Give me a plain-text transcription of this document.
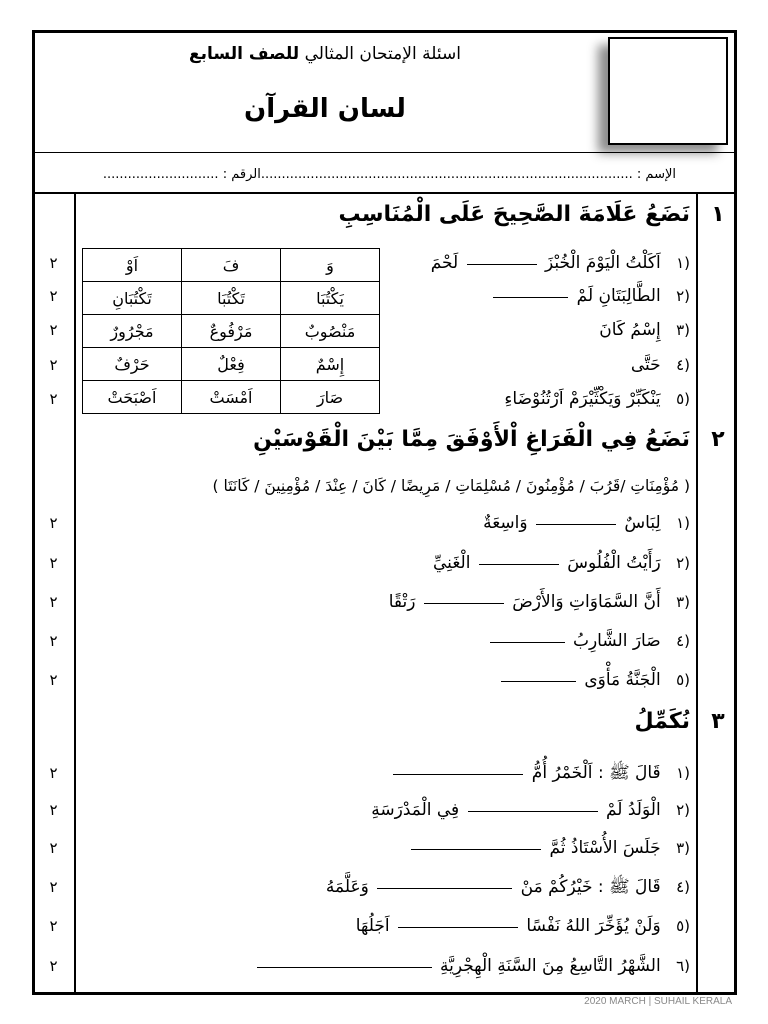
اسئلة الإمتحان المثالي للصف السابع
لسان القرآن
الإسم : ..........................................................................................الرقم : ............................
١
نَضَعُ عَلَامَةَ الصَّحِيحَ عَلَى الْمُنَاسِبِ
٢	١) اَكَلْتُ الْيَوْمَ الْخُبْزَ  لَحْمَ
٢	٢) الطَّالِبَتَانِ لَمْ
٢	٣) إِسْمُ كَانَ
٢	٤) حَتَّى
٢	٥) يَنْكَبِّرْ وَيَكْثِّيْرَمْ اَرْتُنُوْضَاءِ
وَ	فَ	اَوْ
يَكْتُبَا	تَكْتُبَا	تَكْتُبَانِ
مَنْصُوبٌ	مَرْفُوعٌ	مَجْرُورٌ
إِسْمٌ	فِعْلٌ	حَرْفٌ
صَارَ	اَمْسَتْ	اَصْبَحَتْ
٢
نَضَعُ فِي الْفَرَاغِ اْلأَوْفَقَ مِمَّا بَيْنَ الْقَوْسَيْنِ
( مُؤْمِنَاتِ /قَرُبَ / مُؤْمِنُونَ / مُسْلِمَاتِ / مَرِيضًا / كَانَ / عِنْدَ / مُؤْمِنِينَ / كَانَتَا )
٢	١) لِبَاسٌ  وَاسِعَةٌ
٢	٢) رَأَيْتُ الْفُلُوسَ  الْغَنِيِّ
٢	٣) أَنَّ السَّمَاوَاتِ وَالأَرْضَ  رَتْقًا
٢	٤) صَارَ الشَّارِبُ
٢	٥) الْجَنَّةُ مَأْوَى
٣
نُكَمِّلُ
٢	١) قَالَ ﷺ : اَلْخَمْرُ أُمُّ
٢	٢) الْوَلَدُ لَمْ  فِي الْمَدْرَسَةِ
٢	٣) جَلَسَ الأُسْتَاذُ ثُمَّ
٢	٤) قَالَ ﷺ : خَيْرُكُمْ مَنْ  وَعَلَّمَهُ
٢	٥) وَلَنْ يُؤَخِّرَ اللهُ نَفْسًا  اَجَلُهَا
٢	٦) الشَّهْرُ التَّاسِعُ مِنَ السَّنَةِ الْهِجْرِيَّةِ
2020 MARCH | SUHAIL KERALA
